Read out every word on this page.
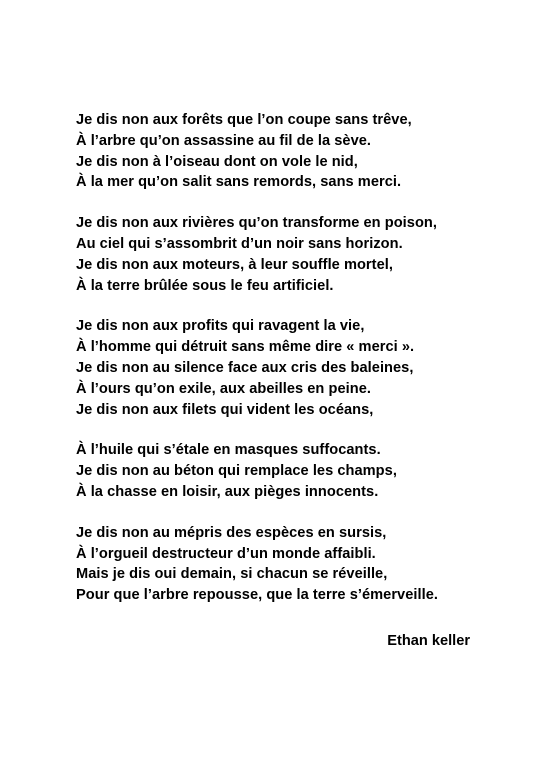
Je dis non aux forêts que l’on coupe sans trêve,
À l’arbre qu’on assassine au fil de la sève.
Je dis non à l’oiseau dont on vole le nid,
À la mer qu’on salit sans remords, sans merci.
Je dis non aux rivières qu’on transforme en poison,
Au ciel qui s’assombrit d’un noir sans horizon.
Je dis non aux moteurs, à leur souffle mortel,
À la terre brûlée sous le feu artificiel.
Je dis non aux profits qui ravagent la vie,
À l’homme qui détruit sans même dire « merci ».
Je dis non au silence face aux cris des baleines,
À l’ours qu’on exile, aux abeilles en peine.
Je dis non aux filets qui vident les océans,
À l’huile qui s’étale en masques suffocants.
Je dis non au béton qui remplace les champs,
À la chasse en loisir, aux pièges innocents.
Je dis non au mépris des espèces en sursis,
À l’orgueil destructeur d’un monde affaibli.
Mais je dis oui demain, si chacun se réveille,
Pour que l’arbre repousse, que la terre s’émerveille.
Ethan keller
